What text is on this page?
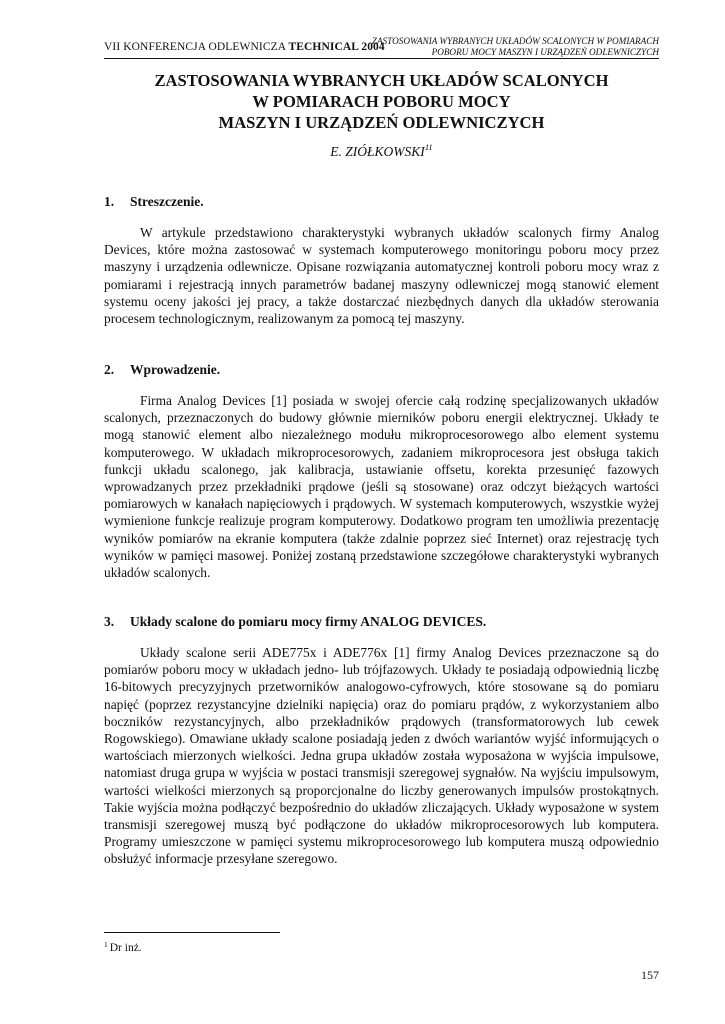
VII KONFERENCJA ODLEWNICZA TECHNICAL 2004
ZASTOSOWANIA WYBRANYCH UKŁADÓW SCALONYCH W POMIARACH
POBORU MOCY MASZYN I URZĄDZEŃ ODLEWNICZYCH
ZASTOSOWANIA WYBRANYCH UKŁADÓW SCALONYCH
W POMIARACH POBORU MOCY
MASZYN I URZĄDZEŃ ODLEWNICZYCH
E. ZIÓŁKOWSKI$^{11}$
1.	Streszczenie.

W artykule przedstawiono charakterystyki wybranych układów scalonych firmy Analog Devices, które można zastosować w systemach komputerowego monitoringu poboru mocy przez maszyny i urządzenia odlewnicze. Opisane rozwiązania automatycznej kontroli poboru mocy wraz z pomiarami i rejestracją innych parametrów badanej maszyny odlewniczej mogą stanowić element systemu oceny jakości jej pracy, a także dostarczać niezbędnych danych dla układów sterowania procesem technologicznym, realizowanym za pomocą tej maszyny.

2.	Wprowadzenie.

Firma Analog Devices [1] posiada w swojej ofercie całą rodzinę specjalizowanych układów scalonych, przeznaczonych do budowy głównie mierników poboru energii elektrycznej. Układy te mogą stanowić element albo niezależnego modułu mikroprocesorowego albo element systemu komputerowego. W układach mikroprocesorowych, zadaniem mikroprocesora jest obsługa takich funkcji układu scalonego, jak kalibracja, ustawianie offsetu, korekta przesunięć fazowych wprowadzanych przez przekładniki prądowe (jeśli są stosowane) oraz odczyt bieżących wartości pomiarowych w kanałach napięciowych i prądowych. W systemach komputerowych, wszystkie wyżej wymienione funkcje realizuje program komputerowy. Dodatkowo program ten umożliwia prezentację wyników pomiarów na ekranie komputera (także zdalnie poprzez sieć Internet) oraz rejestrację tych wyników w pamięci masowej. Poniżej zostaną przedstawione szczegółowe charakterystyki wybranych układów scalonych.

3.	Układy scalone do pomiaru mocy firmy ANALOG DEVICES.

Układy scalone serii ADE775x i ADE776x [1] firmy Analog Devices przeznaczone są do pomiarów poboru mocy w układach jedno- lub trójfazowych. Układy te posiadają odpowiednią liczbę 16-bitowych precyzyjnych przetworników analogowo-cyfrowych, które stosowane są do pomiaru napięć (poprzez rezystancyjne dzielniki napięcia) oraz do pomiaru prądów, z wykorzystaniem albo boczników rezystancyjnych, albo przekładników prądowych (transformatorowych lub cewek Rogowskiego). Omawiane układy scalone posiadają jeden z dwóch wariantów wyjść informujących o wartościach mierzonych wielkości. Jedna grupa układów została wyposażona w wyjścia impulsowe, natomiast druga grupa w wyjścia w postaci transmisji szeregowej sygnałów. Na wyjściu impulsowym, wartości wielkości mierzonych są proporcjonalne do liczby generowanych impulsów prostokątnych. Takie wyjścia można podłączyć bezpośrednio do układów zliczających. Układy wyposażone w system transmisji szeregowej muszą być podłączone do układów mikroprocesorowych lub komputera. Programy umieszczone w pamięci systemu mikroprocesorowego lub komputera muszą odpowiednio obsłużyć informacje przesyłane szeregowo.

$^1$ Dr inż.
157
